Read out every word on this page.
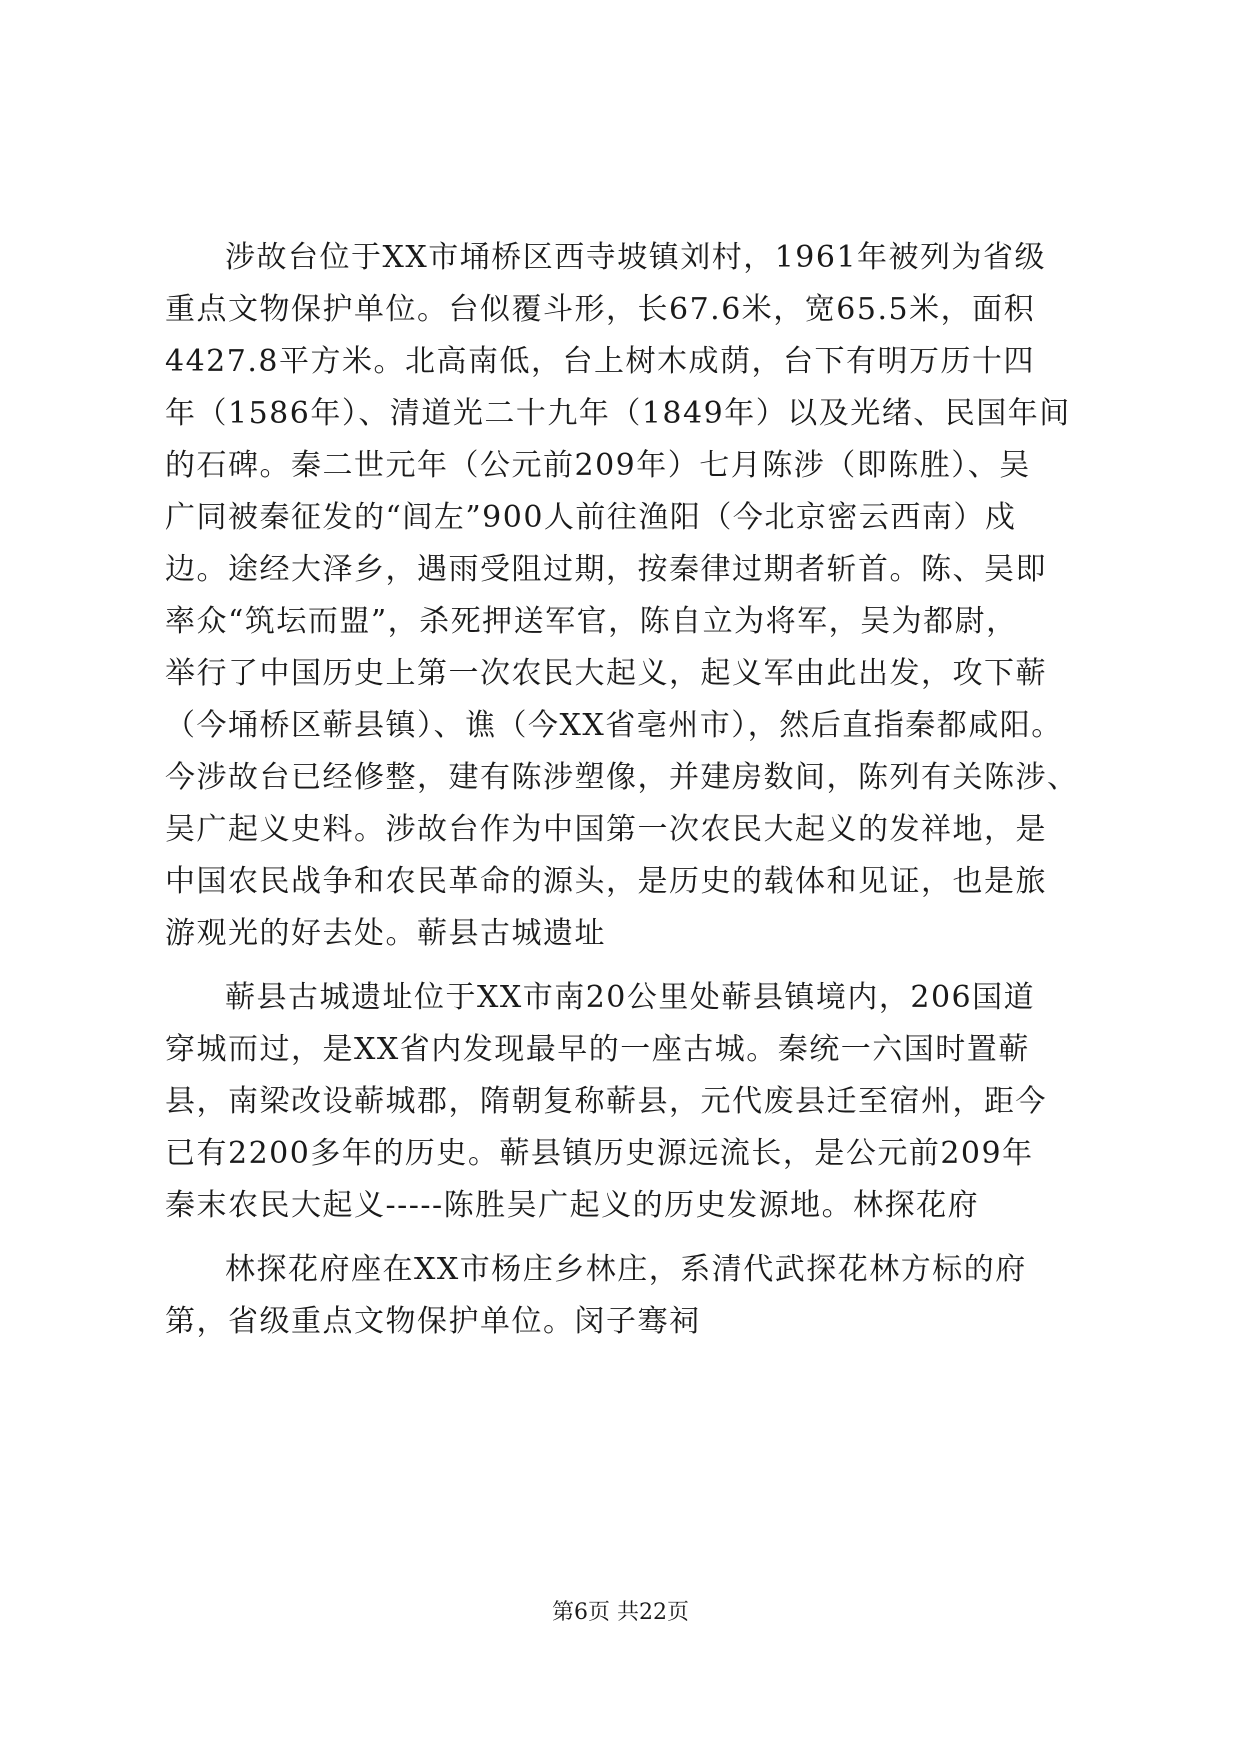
涉故台位于XX市埇桥区西寺坡镇刘村，1961年被列为省级
重点文物保护单位。台似覆斗形，长67.6米，宽65.5米，面积
4427.8平方米。北高南低，台上树木成荫，台下有明万历十四
年（1586年）、清道光二十九年（1849年）以及光绪、民国年间
的石碑。秦二世元年（公元前209年）七月陈涉（即陈胜）、吴
广同被秦征发的“闾左”900人前往渔阳（今北京密云西南）戍
边。途经大泽乡，遇雨受阻过期，按秦律过期者斩首。陈、吴即
率众“筑坛而盟”，杀死押送军官，陈自立为将军，吴为都尉，
举行了中国历史上第一次农民大起义，起义军由此出发，攻下蕲
（今埇桥区蕲县镇）、谯（今XX省亳州市），然后直指秦都咸阳。
今涉故台已经修整，建有陈涉塑像，并建房数间，陈列有关陈涉、
吴广起义史料。涉故台作为中国第一次农民大起义的发祥地，是
中国农民战争和农民革命的源头，是历史的载体和见证，也是旅
游观光的好去处。蕲县古城遗址
蕲县古城遗址位于XX市南20公里处蕲县镇境内，206国道
穿城而过，是XX省内发现最早的一座古城。秦统一六国时置蕲
县，南梁改设蕲城郡，隋朝复称蕲县，元代废县迁至宿州，距今
已有2200多年的历史。蕲县镇历史源远流长，是公元前209年
秦末农民大起义-----陈胜吴广起义的历史发源地。林探花府
林探花府座在XX市杨庄乡林庄，系清代武探花林方标的府
第，省级重点文物保护单位。闵子骞祠
第6页 共22页
